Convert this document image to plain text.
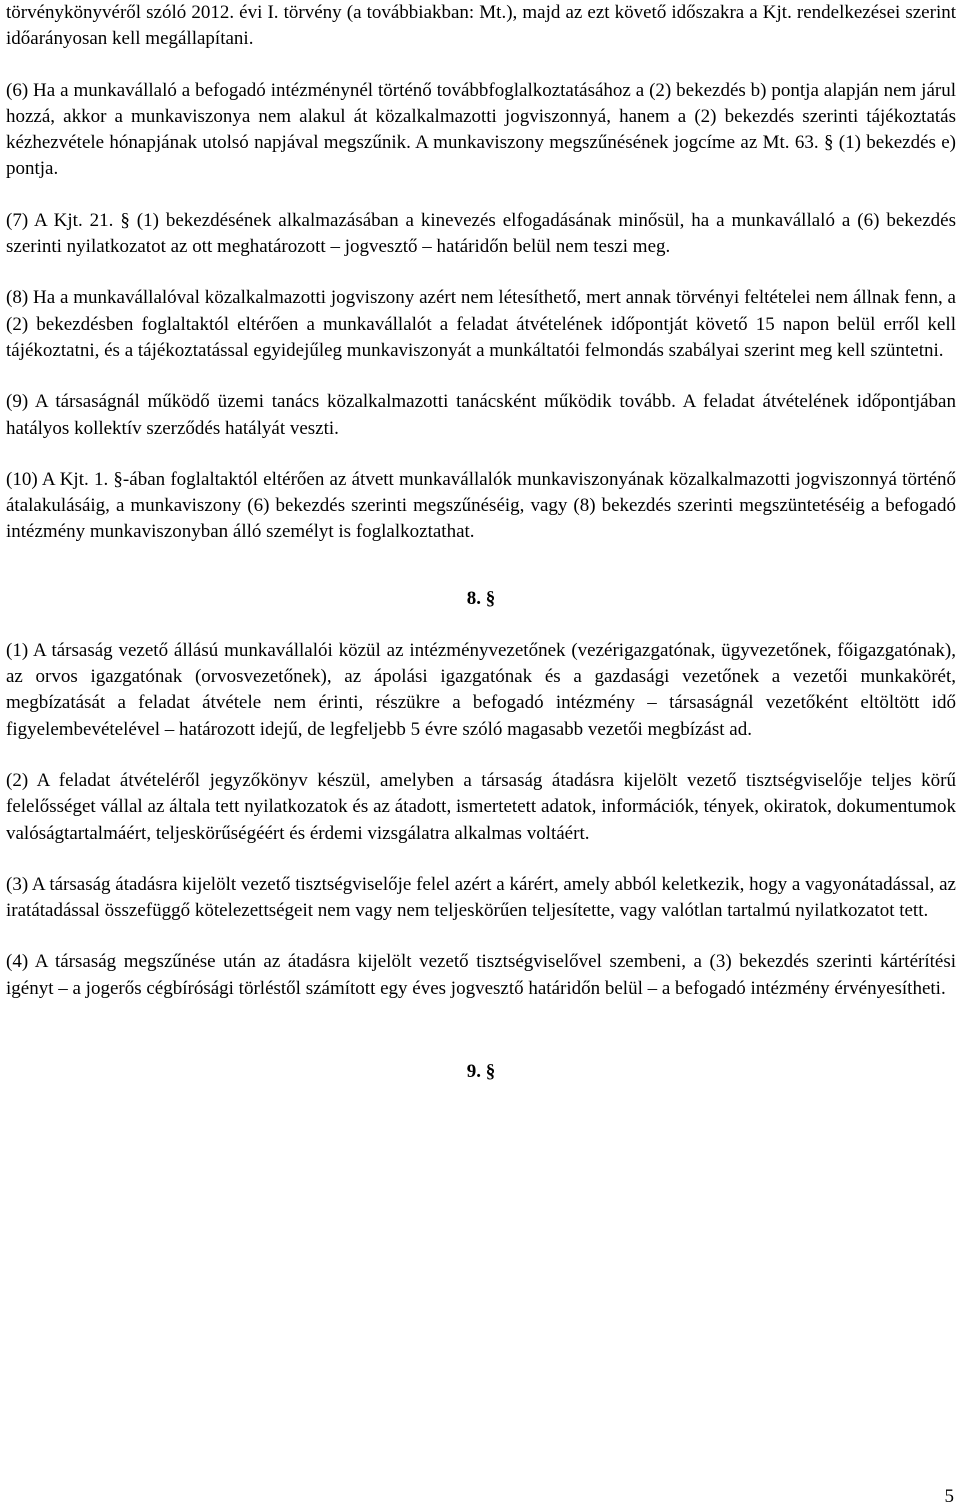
törvénykönyvéről szóló 2012. évi I. törvény (a továbbiakban: Mt.), majd az ezt követő időszakra a Kjt. rendelkezései szerint időarányosan kell megállapítani.

(6) Ha a munkavállaló a befogadó intézménynél történő továbbfoglalkoztatásához a (2) bekezdés b) pontja alapján nem járul hozzá, akkor a munkaviszonya nem alakul át közalkalmazotti jogviszonnyá, hanem a (2) bekezdés szerinti tájékoztatás kézhezvétele hónapjának utolsó napjával megszűnik. A munkaviszony megszűnésének jogcíme az Mt. 63. § (1) bekezdés e) pontja.

(7) A Kjt. 21. § (1) bekezdésének alkalmazásában a kinevezés elfogadásának minősül, ha a munkavállaló a (6) bekezdés szerinti nyilatkozatot az ott meghatározott – jogvesztő – határidőn belül nem teszi meg.

(8) Ha a munkavállalóval közalkalmazotti jogviszony azért nem létesíthető, mert annak törvényi feltételei nem állnak fenn, a (2) bekezdésben foglaltaktól eltérően a munkavállalót a feladat átvételének időpontját követő 15 napon belül erről kell tájékoztatni, és a tájékoztatással egyidejűleg munkaviszonyát a munkáltatói felmondás szabályai szerint meg kell szüntetni.

(9) A társaságnál működő üzemi tanács közalkalmazotti tanácsként működik tovább. A feladat átvételének időpontjában hatályos kollektív szerződés hatályát veszti.

(10) A Kjt. 1. §-ában foglaltaktól eltérően az átvett munkavállalók munkaviszonyának közalkalmazotti jogviszonnyá történő átalakulásáig, a munkaviszony (6) bekezdés szerinti megszűnéséig, vagy (8) bekezdés szerinti megszüntetéséig a befogadó intézmény munkaviszonyban álló személyt is foglalkoztathat.

8. §

(1) A társaság vezető állású munkavállalói közül az intézményvezetőnek (vezérigazgatónak, ügyvezetőnek, főigazgatónak), az orvos igazgatónak (orvosvezetőnek), az ápolási igazgatónak és a gazdasági vezetőnek a vezetői munkakörét, megbízatását a feladat átvétele nem érinti, részükre a befogadó intézmény – társaságnál vezetőként eltöltött idő figyelembevételével – határozott idejű, de legfeljebb 5 évre szóló magasabb vezetői megbízást ad.

(2) A feladat átvételéről jegyzőkönyv készül, amelyben a társaság átadásra kijelölt vezető tisztségviselője teljes körű felelősséget vállal az általa tett nyilatkozatok és az átadott, ismertetett adatok, információk, tények, okiratok, dokumentumok valóságtartalmáért, teljeskörűségéért és érdemi vizsgálatra alkalmas voltáért.

(3) A társaság átadásra kijelölt vezető tisztségviselője felel azért a kárért, amely abból keletkezik, hogy a vagyonátadással, az iratátadással összefüggő kötelezettségeit nem vagy nem teljeskörűen teljesítette, vagy valótlan tartalmú nyilatkozatot tett.

(4) A társaság megszűnése után az átadásra kijelölt vezető tisztségviselővel szembeni, a (3) bekezdés szerinti kártérítési igényt – a jogerős cégbírósági törléstől számított egy éves jogvesztő határidőn belül – a befogadó intézmény érvényesítheti.

9. §

5
